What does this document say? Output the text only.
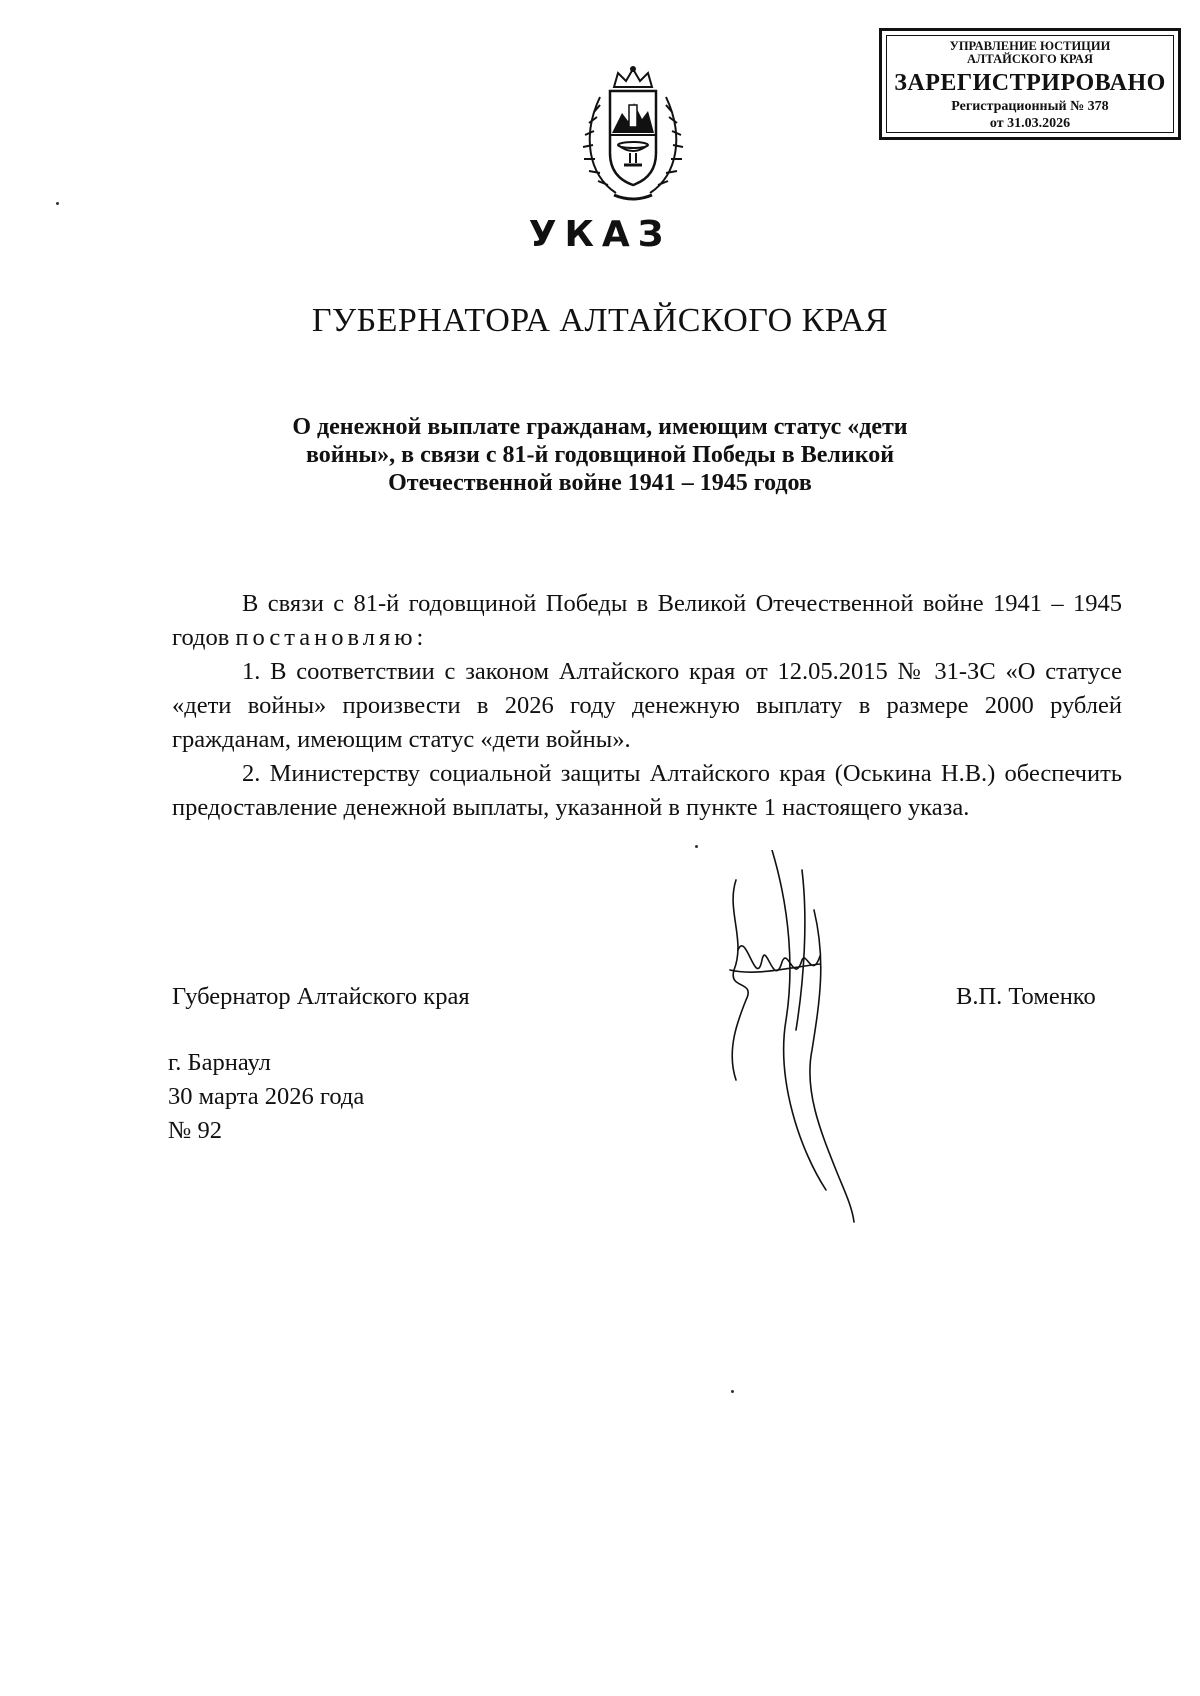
УПРАВЛЕНИЕ ЮСТИЦИИ
АЛТАЙСКОГО КРАЯ
ЗАРЕГИСТРИРОВАНО
Регистрационный № 378
от 31.03.2026
УКАЗ
ГУБЕРНАТОРА АЛТАЙСКОГО КРАЯ
О денежной выплате гражданам, имеющим статус «дети
войны», в связи с 81-й годовщиной Победы в Великой
Отечественной войне 1941 – 1945 годов

В связи с 81-й годовщиной Победы в Великой Отечественной войне 1941 – 1945 годов постановляю:

1. В соответствии с законом Алтайского края от 12.05.2015 № 31-ЗС «О статусе «дети войны» произвести в 2026 году денежную выплату в размере 2000 рублей гражданам, имеющим статус «дети войны».

2. Министерству социальной защиты Алтайского края (Оськина Н.В.) обеспечить предоставление денежной выплаты, указанной в пункте 1 настоящего указа.

Губернатор Алтайского края	В.П. Томенко
г. Барнаул
30 марта 2026 года
№ 92
